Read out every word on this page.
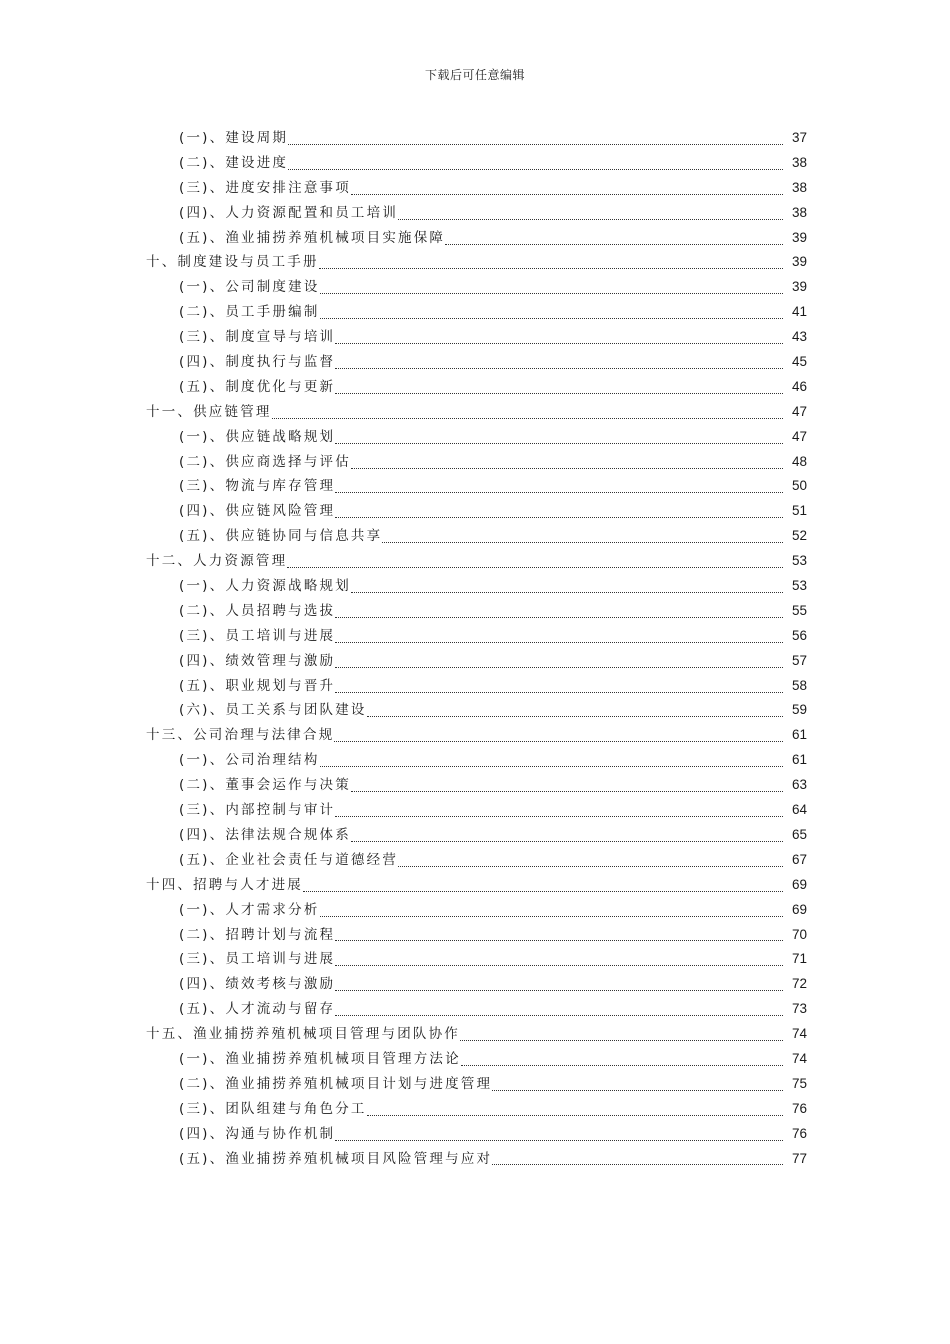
下载后可任意编辑
(一)、建设周期	37
(二)、建设进度	38
(三)、进度安排注意事项	38
(四)、人力资源配置和员工培训	38
(五)、渔业捕捞养殖机械项目实施保障	39
十、制度建设与员工手册	39
(一)、公司制度建设	39
(二)、员工手册编制	41
(三)、制度宣导与培训	43
(四)、制度执行与监督	45
(五)、制度优化与更新	46
十一、供应链管理	47
(一)、供应链战略规划	47
(二)、供应商选择与评估	48
(三)、物流与库存管理	50
(四)、供应链风险管理	51
(五)、供应链协同与信息共享	52
十二、人力资源管理	53
(一)、人力资源战略规划	53
(二)、人员招聘与选拔	55
(三)、员工培训与进展	56
(四)、绩效管理与激励	57
(五)、职业规划与晋升	58
(六)、员工关系与团队建设	59
十三、公司治理与法律合规	61
(一)、公司治理结构	61
(二)、董事会运作与决策	63
(三)、内部控制与审计	64
(四)、法律法规合规体系	65
(五)、企业社会责任与道德经营	67
十四、招聘与人才进展	69
(一)、人才需求分析	69
(二)、招聘计划与流程	70
(三)、员工培训与进展	71
(四)、绩效考核与激励	72
(五)、人才流动与留存	73
十五、渔业捕捞养殖机械项目管理与团队协作	74
(一)、渔业捕捞养殖机械项目管理方法论	74
(二)、渔业捕捞养殖机械项目计划与进度管理	75
(三)、团队组建与角色分工	76
(四)、沟通与协作机制	76
(五)、渔业捕捞养殖机械项目风险管理与应对	77
